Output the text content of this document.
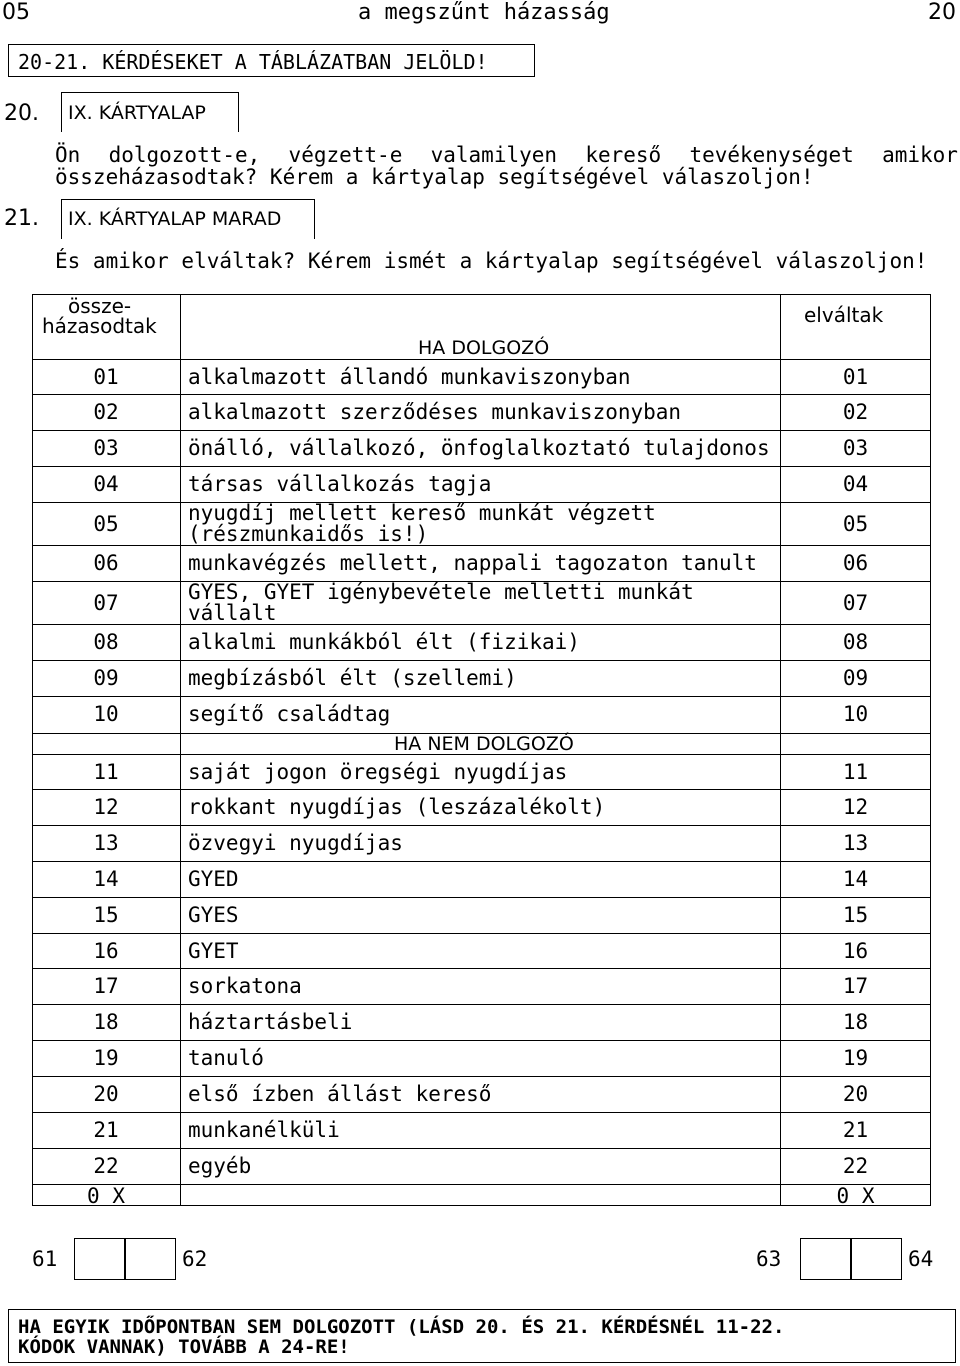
05	a megszűnt házasság	20
20-21. KÉRDÉSEKET A TÁBLÁZATBAN JELÖLD!
20. IX. KÁRTYALAP
Ön dolgozott-e, végzett-e valamilyen kereső tevékenységet amikor
összeházasodtak? Kérem a kártyalap segítségével válaszoljon!
21. IX. KÁRTYALAP MARAD
És amikor elváltak? Kérem ismét a kártyalap segítségével válaszoljon!
össze-
házasodtak	elváltak
HA DOLGOZÓ
01	alkalmazott állandó munkaviszonyban	01
02	alkalmazott szerződéses munkaviszonyban	02
03	önálló, vállalkozó, önfoglalkoztató tulajdonos	03
04	társas vállalkozás tagja	04
05	nyugdíj mellett kereső munkát végzett
(részmunkaidős is!)	05
06	munkavégzés mellett, nappali tagozaton tanult	06
07	GYES, GYET igénybevétele melletti munkát
vállalt	07
08	alkalmi munkákból élt (fizikai)	08
09	megbízásból élt (szellemi)	09
10	segítő családtag	10
HA NEM DOLGOZÓ
11	saját jogon öregségi nyugdíjas	11
12	rokkant nyugdíjas (leszázalékolt)	12
13	özvegyi nyugdíjas	13
14	GYED	14
15	GYES	15
16	GYET	16
17	sorkatona	17
18	háztartásbeli	18
19	tanuló	19
20	első ízben állást kereső	20
21	munkanélküli	21
22	egyéb	22
0 X	0 X
61	62	63	64
HA EGYIK IDŐPONTBAN SEM DOLGOZOTT (LÁSD 20. ÉS 21. KÉRDÉSNÉL 11-22.
KÓDOK VANNAK) TOVÁBB A 24-RE!
